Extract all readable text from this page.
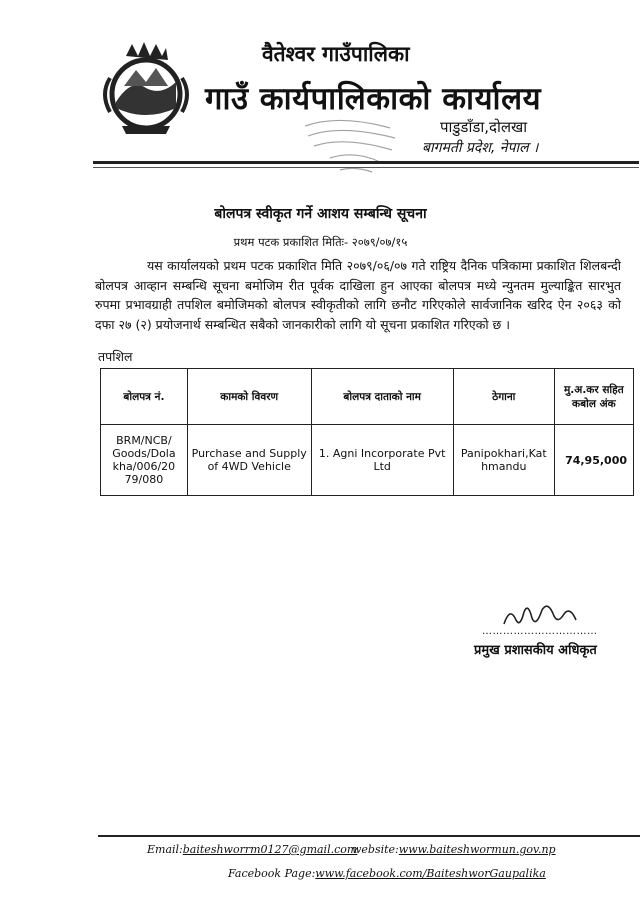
वैतेश्वर गाउँपालिका
गाउँ कार्यपालिकाको कार्यालय
पाडुडाँडा,दोलखा
बागमती प्रदेश, नेपाल ।
बोलपत्र स्वीकृत गर्ने आशय सम्बन्धि सूचना
प्रथम पटक प्रकाशित मितिः- २०७९/०७/१५
यस कार्यालयको प्रथम पटक प्रकाशित मिति २०७९/०६/०७ गते राष्ट्रिय दैनिक पत्रिकामा प्रकाशित शिलबन्दी बोलपत्र आव्हान सम्बन्धि सूचना बमोजिम रीत पूर्वक दाखिला हुन आएका बोलपत्र मध्ये न्युनतम मुल्याङ्कित सारभुत रुपमा प्रभावग्राही तपशिल बमोजिमको बोलपत्र स्वीकृतीको लागि छनौट गरिएकोले सार्वजानिक खरिद ऐन २०६३ को दफा २७ (२) प्रयोजनार्थ सम्बन्धित सबैको जानकारीको लागि यो सूचना प्रकाशित गरिएको छ ।
तपशिल
बोलपत्र नं.	कामको विवरण	बोलपत्र दाताको नाम	ठेगाना	मु.अ.कर सहित कबोल अंक
BRM/NCB/ Goods/Dola kha/006/20 79/080	Purchase and Supply of 4WD Vehicle	1. Agni Incorporate Pvt Ltd	Panipokhari,Kat hmandu	74,95,000
……………………………
प्रमुख प्रशासकीय अधिकृत
Email:baiteshworrm0127@gmail.com
website:www.baiteshwormun.gov.np
Facebook Page:www.facebook.com/BaiteshworGaupalika
